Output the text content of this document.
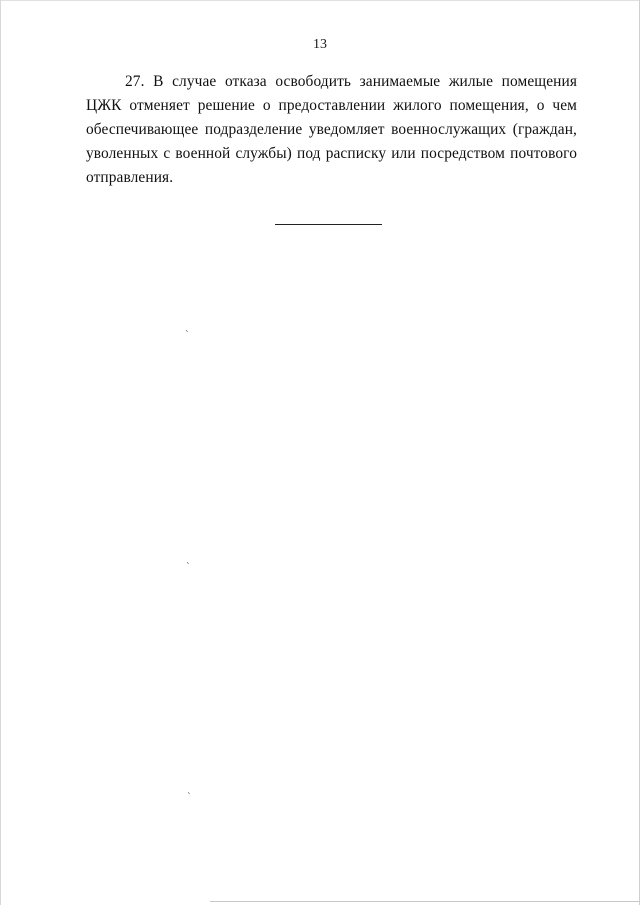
13

27. В случае отказа освободить занимаемые жилые помещения ЦЖК отменяет решение о предоставлении жилого помещения, о чем обеспечивающее подразделение уведомляет военнослужащих (граждан, уволенных с военной службы) под расписку или посредством почтового отправления.

ˎ
ˎ
ˎ
